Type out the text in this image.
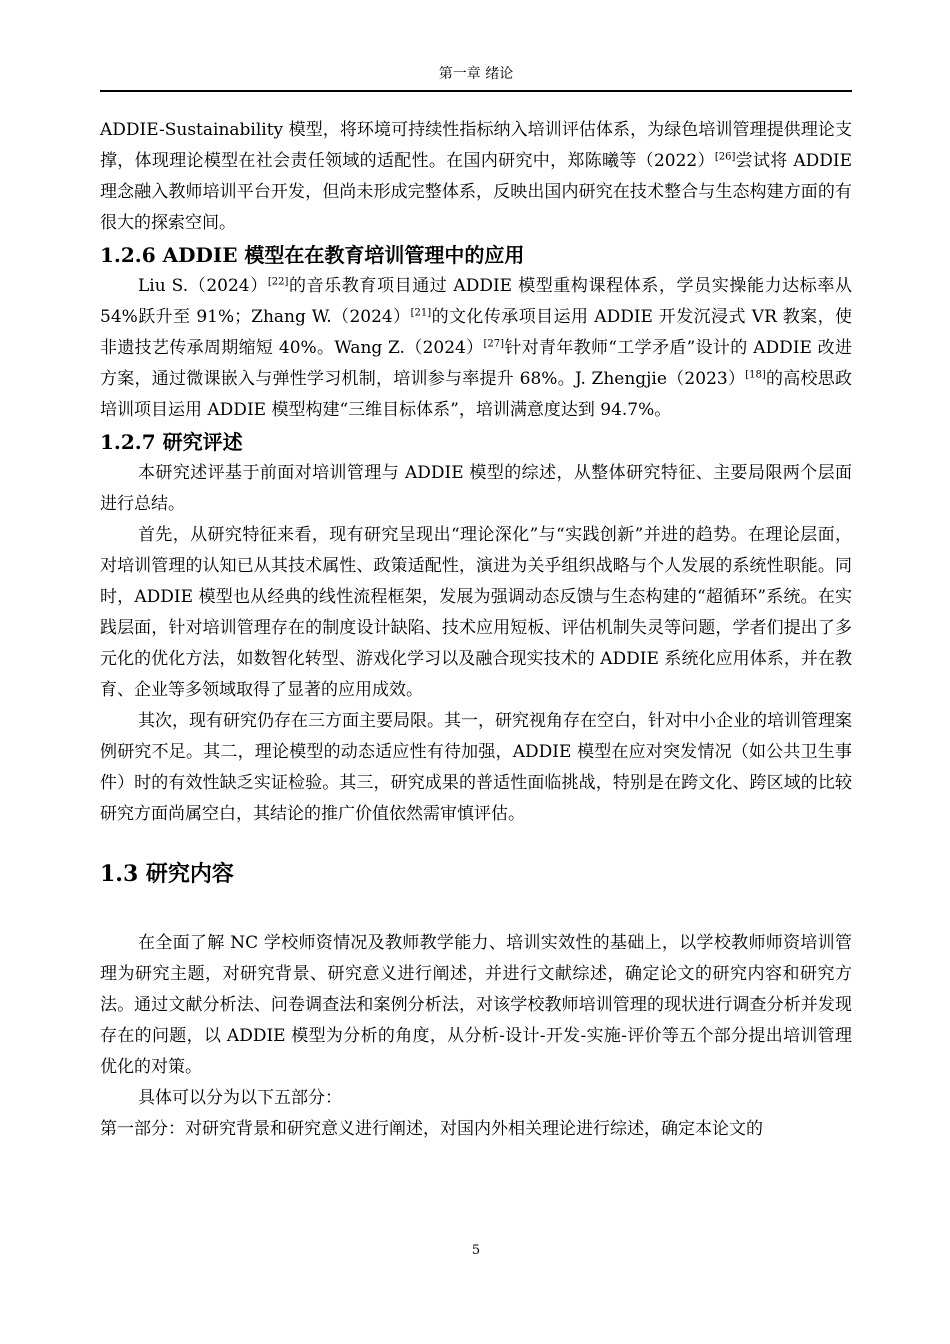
第一章 绪论

ADDIE-Sustainability 模型，将环境可持续性指标纳入培训评估体系，为绿色培训管理提供理论支撑，体现理论模型在社会责任领域的适配性。在国内研究中，郑陈曦等（2022）[26]尝试将 ADDIE 理念融入教师培训平台开发，但尚未形成完整体系，反映出国内研究在技术整合与生态构建方面的有很大的探索空间。

1.2.6 ADDIE 模型在在教育培训管理中的应用

Liu S.（2024）[22]的音乐教育项目通过 ADDIE 模型重构课程体系，学员实操能力达标率从 54%跃升至 91%；Zhang W.（2024）[21]的文化传承项目运用 ADDIE 开发沉浸式 VR 教案，使非遗技艺传承周期缩短 40%。Wang Z.（2024）[27]针对青年教师“工学矛盾”设计的 ADDIE 改进方案，通过微课嵌入与弹性学习机制，培训参与率提升 68%。J. Zhengjie（2023）[18]的高校思政培训项目运用 ADDIE 模型构建“三维目标体系”，培训满意度达到 94.7%。

1.2.7 研究评述

本研究述评基于前面对培训管理与 ADDIE 模型的综述，从整体研究特征、主要局限两个层面进行总结。

首先，从研究特征来看，现有研究呈现出“理论深化”与“实践创新”并进的趋势。在理论层面，对培训管理的认知已从其技术属性、政策适配性，演进为关乎组织战略与个人发展的系统性职能。同时，ADDIE 模型也从经典的线性流程框架，发展为强调动态反馈与生态构建的“超循环”系统。在实践层面，针对培训管理存在的制度设计缺陷、技术应用短板、评估机制失灵等问题，学者们提出了多元化的优化方法，如数智化转型、游戏化学习以及融合现实技术的 ADDIE 系统化应用体系，并在教育、企业等多领域取得了显著的应用成效。

其次，现有研究仍存在三方面主要局限。其一，研究视角存在空白，针对中小企业的培训管理案例研究不足。其二，理论模型的动态适应性有待加强，ADDIE 模型在应对突发情况（如公共卫生事件）时的有效性缺乏实证检验。其三，研究成果的普适性面临挑战，特别是在跨文化、跨区域的比较研究方面尚属空白，其结论的推广价值依然需审慎评估。

1.3 研究内容

在全面了解 NC 学校师资情况及教师教学能力、培训实效性的基础上，以学校教师师资培训管理为研究主题，对研究背景、研究意义进行阐述，并进行文献综述，确定论文的研究内容和研究方法。通过文献分析法、问卷调查法和案例分析法，对该学校教师培训管理的现状进行调查分析并发现存在的问题，以 ADDIE 模型为分析的角度，从分析-设计-开发-实施-评价等五个部分提出培训管理优化的对策。

具体可以分为以下五部分：

第一部分：对研究背景和研究意义进行阐述，对国内外相关理论进行综述，确定本论文的

5
